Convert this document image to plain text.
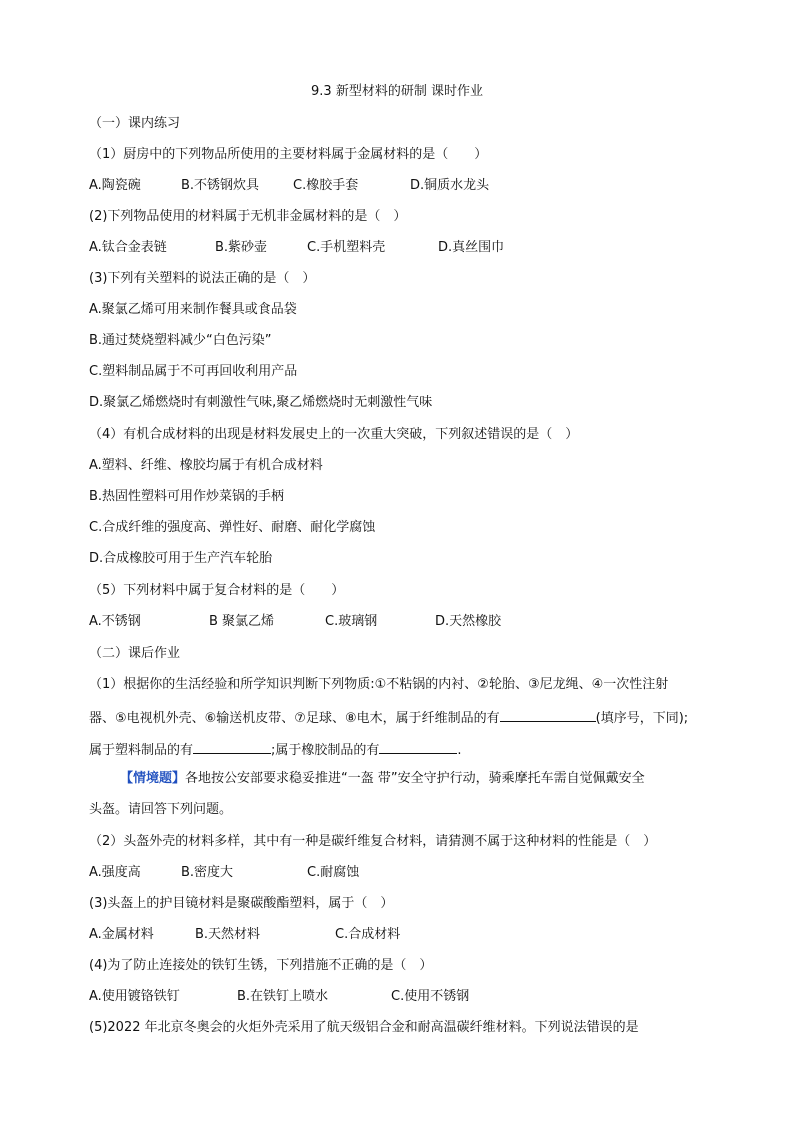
9.3 新型材料的研制 课时作业
（一）课内练习
（1）厨房中的下列物品所使用的主要材料属于金属材料的是（　　）
A.陶瓷碗	B.不锈钢炊具	C.橡胶手套	D.铜质水龙头
(2)下列物品使用的材料属于无机非金属材料的是（　）
A.钛合金表链	B.紫砂壶	C.手机塑料壳	D.真丝围巾
(3)下列有关塑料的说法正确的是（　）
A.聚氯乙烯可用来制作餐具或食品袋
B.通过焚烧塑料减少“白色污染”
C.塑料制品属于不可再回收利用产品
D.聚氯乙烯燃烧时有刺激性气味,聚乙烯燃烧时无刺激性气味
（4）有机合成材料的出现是材料发展史上的一次重大突破，下列叙述错误的是（　）
A.塑料、纤维、橡胶均属于有机合成材料
B.热固性塑料可用作炒菜锅的手柄
C.合成纤维的强度高、弹性好、耐磨、耐化学腐蚀
D.合成橡胶可用于生产汽车轮胎
（5）下列材料中属于复合材料的是（　　）
A.不锈钢	B 聚氯乙烯	C.玻璃钢	D.天然橡胶
（二）课后作业
（1）根据你的生活经验和所学知识判断下列物质:①不粘锅的内衬、②轮胎、③尼龙绳、④一次性注射
器、⑤电视机外壳、⑥输送机皮带、⑦足球、⑧电木，属于纤维制品的有	(填序号，下同);
属于塑料制品的有	;属于橡胶制品的有	.
【情境题】各地按公安部要求稳妥推进“一盔 带”安全守护行动，骑乘摩托车需自觉佩戴安全
头盔。请回答下列问题。
（2）头盔外壳的材料多样，其中有一种是碳纤维复合材料，请猜测不属于这种材料的性能是（　）
A.强度高	B.密度大	C.耐腐蚀
(3)头盔上的护目镜材料是聚碳酸酯塑料，属于（　）
A.金属材料	B.天然材料	C.合成材料
(4)为了防止连接处的铁钉生锈，下列措施不正确的是（　）
A.使用镀铬铁钉	B.在铁钉上喷水	C.使用不锈钢
(5)2022 年北京冬奥会的火炬外壳采用了航天级铝合金和耐高温碳纤维材料。下列说法错误的是
